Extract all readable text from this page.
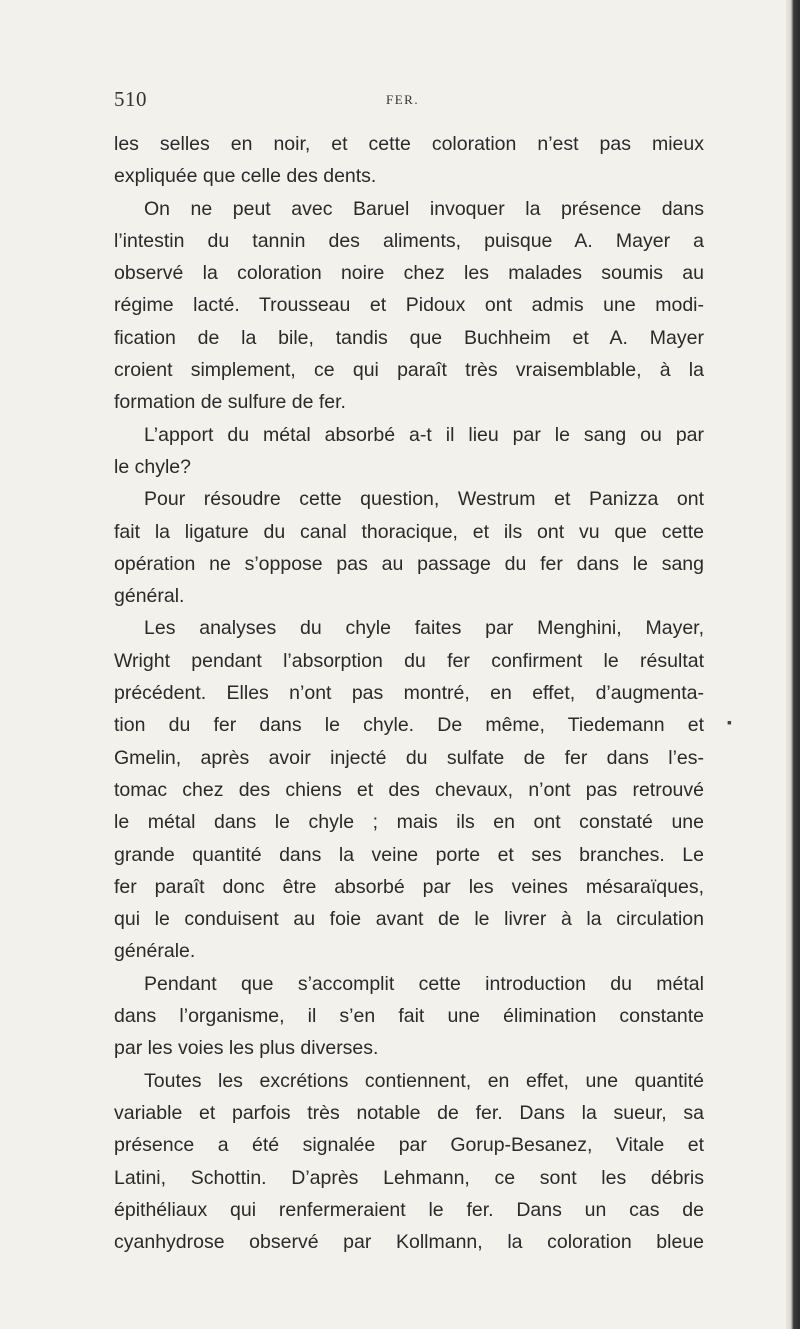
510	FER.
les selles en noir, et cette coloration n’est pas mieux
expliquée que celle des dents.
On ne peut avec Baruel invoquer la présence dans
l’intestin du tannin des aliments, puisque A. Mayer a
observé la coloration noire chez les malades soumis au
régime lacté. Trousseau et Pidoux ont admis une modi-
fication de la bile, tandis que Buchheim et A. Mayer
croient simplement, ce qui paraît très vraisemblable, à la
formation de sulfure de fer.
L’apport du métal absorbé a-t il lieu par le sang ou par
le chyle?
Pour résoudre cette question, Westrum et Panizza ont
fait la ligature du canal thoracique, et ils ont vu que cette
opération ne s’oppose pas au passage du fer dans le sang
général.
Les analyses du chyle faites par Menghini, Mayer,
Wright pendant l’absorption du fer confirment le résultat
précédent. Elles n’ont pas montré, en effet, d’augmenta-
tion du fer dans le chyle. De même, Tiedemann et
Gmelin, après avoir injecté du sulfate de fer dans l’es-
tomac chez des chiens et des chevaux, n’ont pas retrouvé
le métal dans le chyle ; mais ils en ont constaté une
grande quantité dans la veine porte et ses branches. Le
fer paraît donc être absorbé par les veines mésaraïques,
qui le conduisent au foie avant de le livrer à la circulation
générale.
Pendant que s’accomplit cette introduction du métal
dans l’organisme, il s’en fait une élimination constante
par les voies les plus diverses.
Toutes les excrétions contiennent, en effet, une quantité
variable et parfois très notable de fer. Dans la sueur, sa
présence a été signalée par Gorup-Besanez, Vitale et
Latini, Schottin. D’après Lehmann, ce sont les débris
épithéliaux qui renfermeraient le fer. Dans un cas de
cyanhydrose observé par Kollmann, la coloration bleue
▪
